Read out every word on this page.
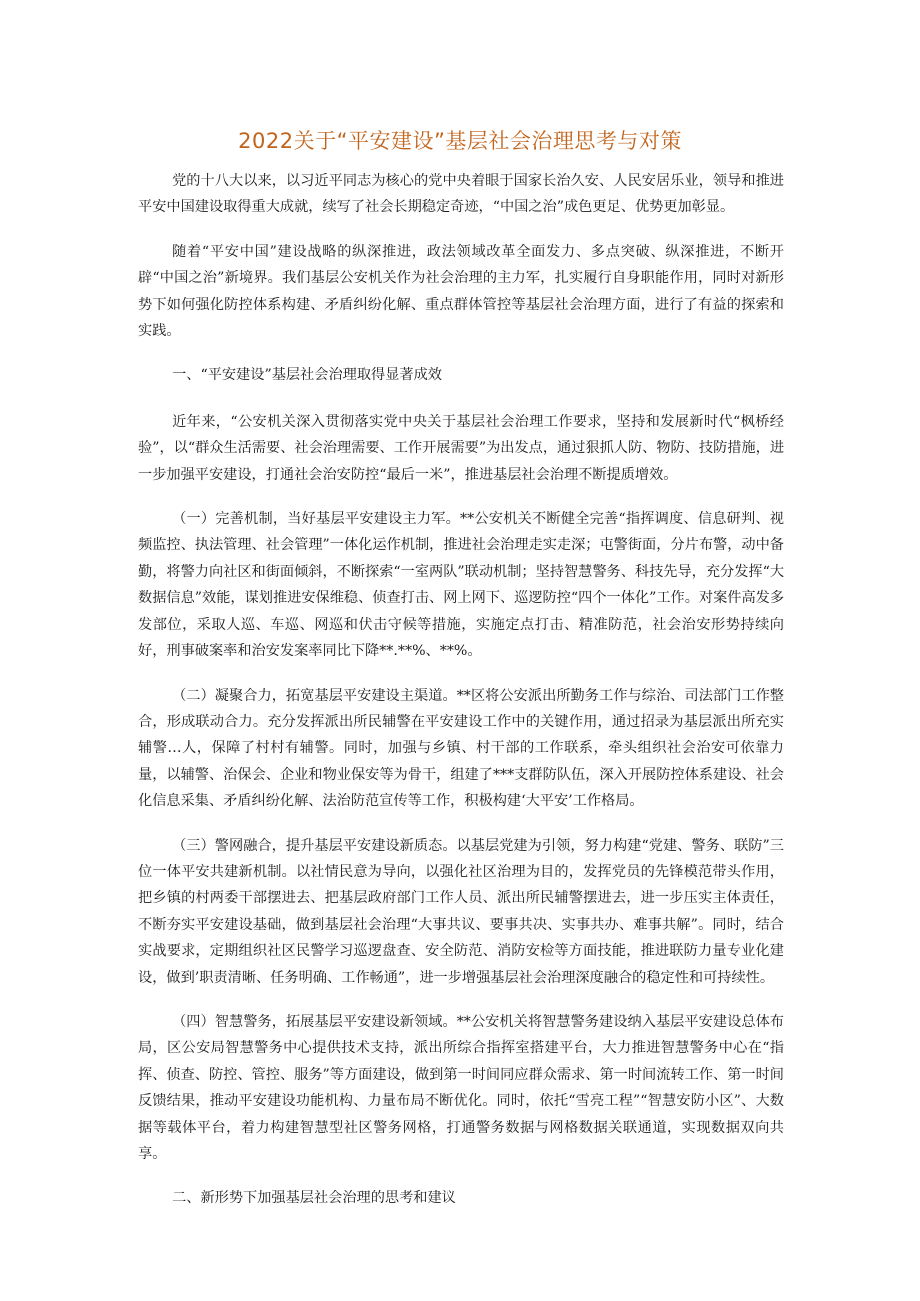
2022关于“平安建设”基层社会治理思考与对策

党的十八大以来，以习近平同志为核心的党中央着眼于国家长治久安、人民安居乐业，领导和推进平安中国建设取得重大成就，续写了社会长期稳定奇迹，“中国之治”成色更足、优势更加彰显。

随着“平安中国”建设战略的纵深推进，政法领域改革全面发力、多点突破、纵深推进，不断开辟“中国之治”新境界。我们基层公安机关作为社会治理的主力军，扎实履行自身职能作用，同时对新形势下如何强化防控体系构建、矛盾纠纷化解、重点群体管控等基层社会治理方面，进行了有益的探索和实践。

一、“平安建设”基层社会治理取得显著成效

近年来，“公安机关深入贯彻落实党中央关于基层社会治理工作要求，坚持和发展新时代“枫桥经验”，以“群众生活需要、社会治理需要、工作开展需要”为出发点，通过狠抓人防、物防、技防措施，进一步加强平安建设，打通社会治安防控“最后一米”，推进基层社会治理不断提质增效。

（一）完善机制，当好基层平安建设主力军。**公安机关不断健全完善“指挥调度、信息研判、视频监控、执法管理、社会管理”一体化运作机制，推进社会治理走实走深；屯警街面，分片布警，动中备勤，将警力向社区和街面倾斜，不断探索“一室两队”联动机制；坚持智慧警务、科技先导，充分发挥“大数据信息”效能，谋划推进安保维稳、侦查打击、网上网下、巡逻防控“四个一体化”工作。对案件高发多发部位，采取人巡、车巡、网巡和伏击守候等措施，实施定点打击、精准防范，社会治安形势持续向好，刑事破案率和治安发案率同比下降**.**%、**%。

（二）凝聚合力，拓宽基层平安建设主渠道。**区将公安派出所勤务工作与综治、司法部门工作整合，形成联动合力。充分发挥派出所民辅警在平安建设工作中的关键作用，通过招录为基层派出所充实辅警…人，保障了村村有辅警。同时，加强与乡镇、村干部的工作联系，牵头组织社会治安可依靠力量，以辅警、治保会、企业和物业保安等为骨干，组建了***支群防队伍，深入开展防控体系建设、社会化信息采集、矛盾纠纷化解、法治防范宣传等工作，积极构建‘大平安’工作格局。

（三）警网融合，提升基层平安建设新质态。以基层党建为引领，努力构建“党建、警务、联防”三位一体平安共建新机制。以社情民意为导向，以强化社区治理为目的，发挥党员的先锋模范带头作用，把乡镇的村两委干部摆进去、把基层政府部门工作人员、派出所民辅警摆进去，进一步压实主体责任，不断夯实平安建设基础，做到基层社会治理“大事共议、要事共决、实事共办、难事共解”。同时，结合实战要求，定期组织社区民警学习巡逻盘查、安全防范、消防安检等方面技能，推进联防力量专业化建设，做到’职责清晰、任务明确、工作畅通”，进一步增强基层社会治理深度融合的稳定性和可持续性。

（四）智慧警务，拓展基层平安建设新领域。**公安机关将智慧警务建设纳入基层平安建设总体布局，区公安局智慧警务中心提供技术支持，派出所综合指挥室搭建平台，大力推进智慧警务中心在“指挥、侦查、防控、管控、服务”等方面建设，做到第一时间同应群众需求、第一时间流转工作、第一时间反馈结果，推动平安建设功能机构、力量布局不断优化。同时，依托“雪亮工程”“智慧安防小区”、大数据等载体平台，着力构建智慧型社区警务网格，打通警务数据与网格数据关联通道，实现数据双向共享。

二、新形势下加强基层社会治理的思考和建议
